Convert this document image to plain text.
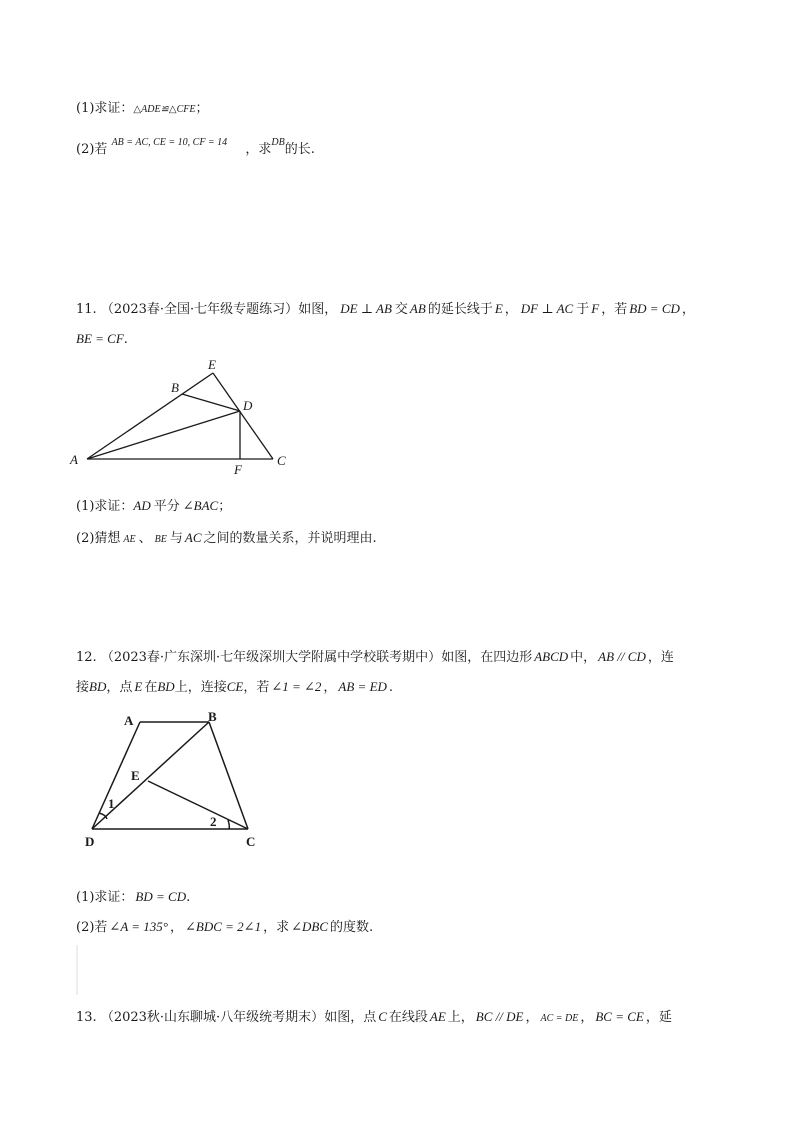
(1)求证：△ADE≌△CFE；
(2)若 $^{AB = AC, CE = 10, CF = 14}$ ，求$^{DB}$的长.
11. （2023春·全国·七年级专题练习）如图， DE ⊥ AB 交 AB 的延长线于 E ， DF ⊥ AC 于 F ，若 BD = CD ，
BE = CF.
A
B
E
D
F
C
(1)求证：AD 平分 ∠BAC；
(2)猜想 AE 、 BE 与 AC 之间的数量关系，并说明理由.
12. （2023春·广东深圳·七年级深圳大学附属中学校联考期中）如图，在四边形 ABCD 中， AB // CD ，连
接BD，点 E 在BD上，连接CE，若 ∠1 = ∠2 ， AB = ED .
A	B
E
D	C
1
2
(1)求证： BD = CD.
(2)若 ∠A = 135° ， ∠BDC = 2∠1 ，求 ∠DBC 的度数.
13. （2023秋·山东聊城·八年级统考期末）如图，点 C 在线段 AE 上， BC // DE ， AC = DE ， BC = CE ，延
